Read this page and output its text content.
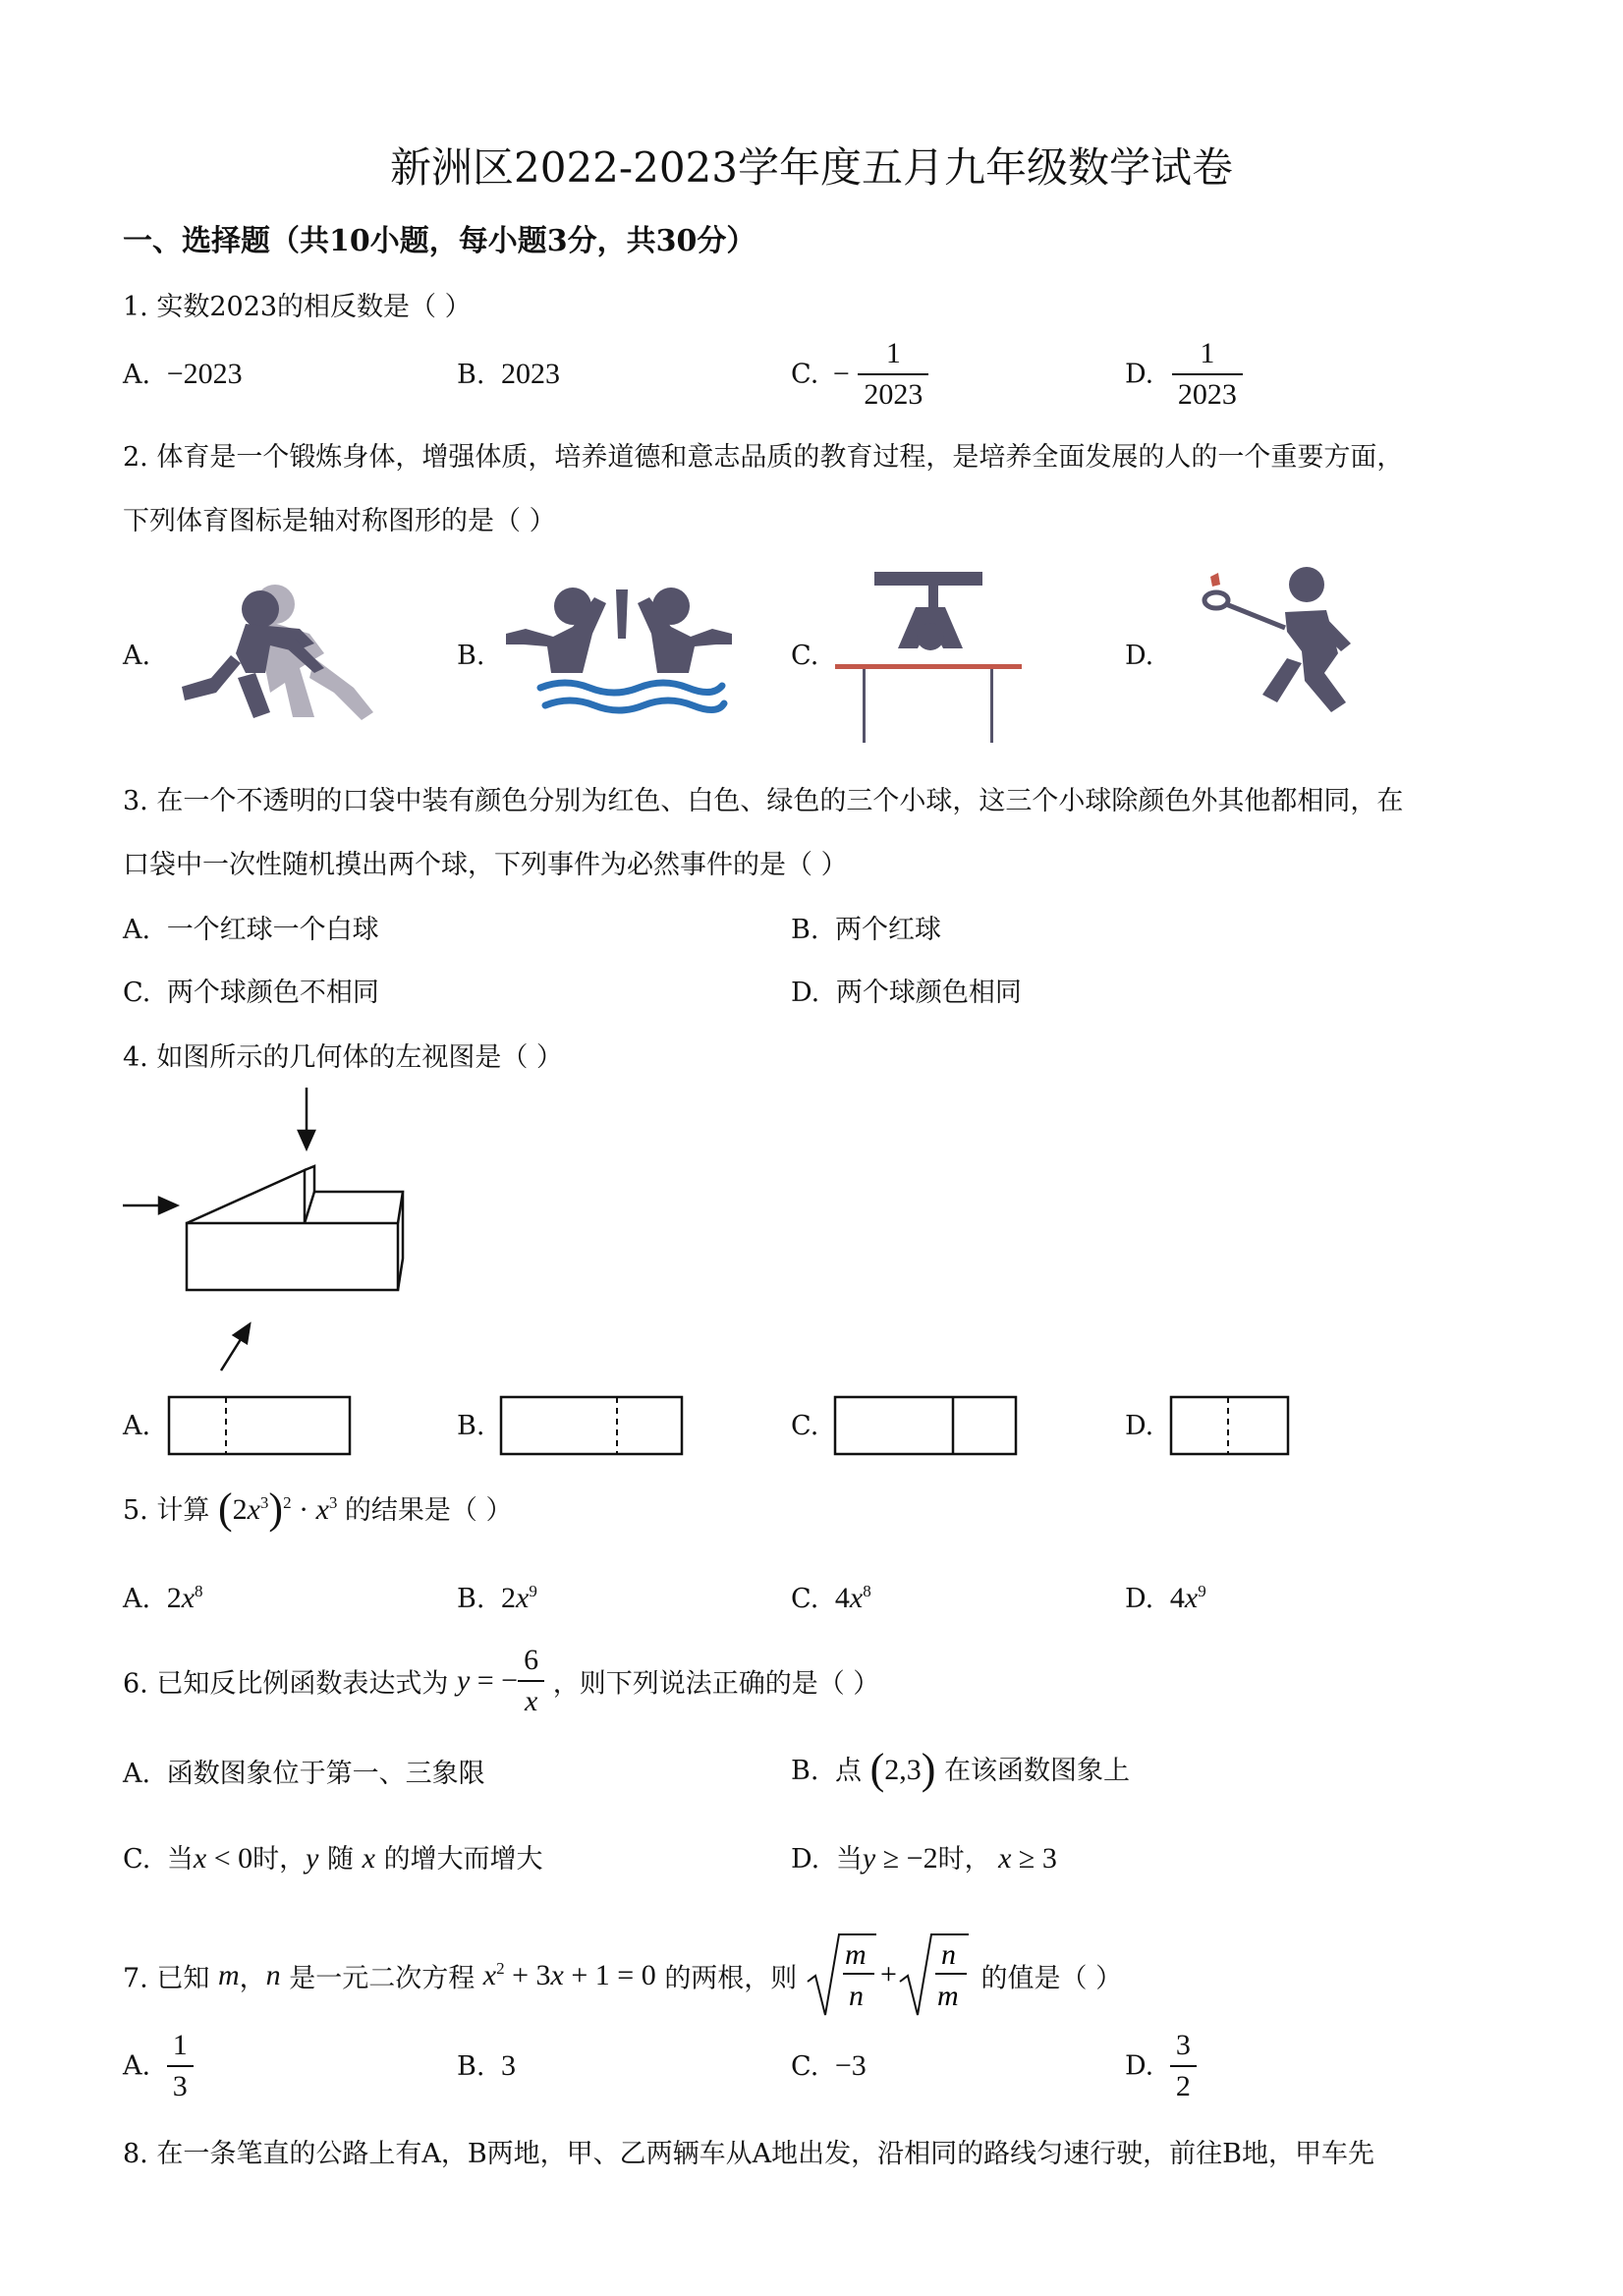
新洲区2022-2023学年度五月九年级数学试卷
一、选择题（共10小题，每小题3分，共30分）
1. 实数2023的相反数是（ ）
A. −2023	B. 2023	C. − $\frac{1}{2023}$	D. $\frac{1}{2023}$
2. 体育是一个锻炼身体，增强体质，培养道德和意志品质的教育过程，是培养全面发展的人的一个重要方面，
下列体育图标是轴对称图形的是（ ）
A.	B.	C.	D.
3. 在一个不透明的口袋中装有颜色分别为红色、白色、绿色的三个小球，这三个小球除颜色外其他都相同，在
口袋中一次性随机摸出两个球，下列事件为必然事件的是（ ）
A. 一个红球一个白球	B. 两个红球
C. 两个球颜色不相同	D. 两个球颜色相同
4. 如图所示的几何体的左视图是（ ）
A.	B.	C.	D.
5. 计算 $(2x^3)^2 \cdot x^3$ 的结果是（ ）
A. $2x^8$	B. $2x^9$	C. $4x^8$	D. $4x^9$
6. 已知反比例函数表达式为 y = − $\frac{6}{x}$ ，则下列说法正确的是（ ）
A. 函数图象位于第一、三象限	B. 点 (2,3) 在该函数图象上
C. 当x < 0时，y 随 x 的增大而增大	D. 当y ≥ −2时， x ≥ 3
7. 已知 m，n 是一元二次方程 $x^2 + 3x + 1 = 0$ 的两根，则
m
n
+
n
m
的值是（ ）
A. $\frac{1}{3}$	B. 3	C. −3	D. $\frac{3}{2}$
8. 在一条笔直的公路上有A，B两地，甲、乙两辆车从A地出发，沿相同的路线匀速行驶，前往B地，甲车先
